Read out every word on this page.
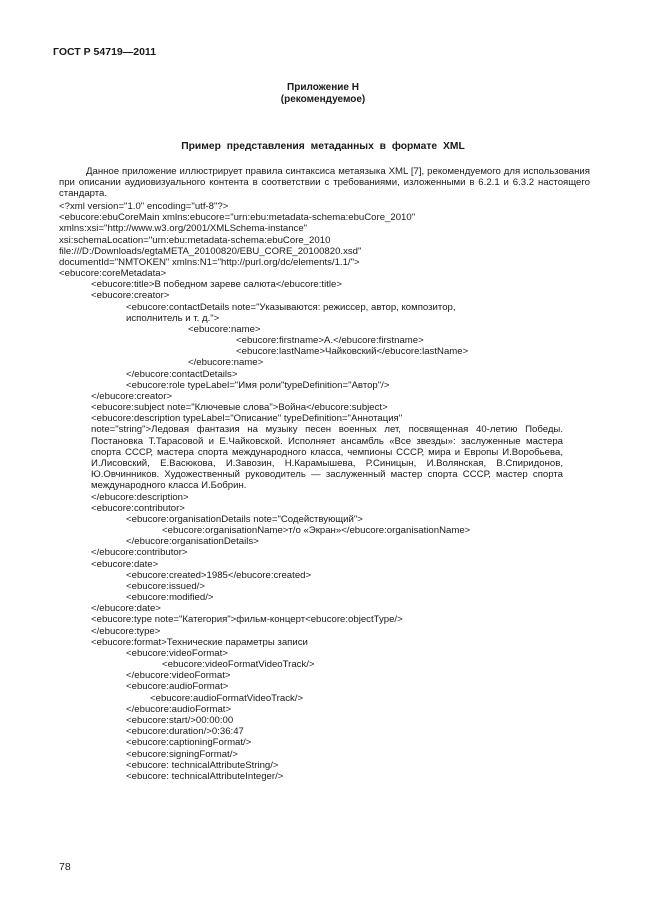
ГОСТ Р 54719—2011
Приложение Н
(рекомендуемое)
Пример представления метаданных в формате XML

Данное приложение иллюстрирует правила синтаксиса метаязыка XML [7], рекомендуемого для использования при описании аудиовизуального контента в соответствии с требованиями, изложенными в 6.2.1 и 6.3.2 настоящего стандарта.

<?xml version="1.0" encoding="utf-8"?>
<ebucore:ebuCoreMain xmlns:ebucore="urn:ebu:metadata-schema:ebuCore_2010"
xmlns:xsi="http://www.w3.org/2001/XMLSchema-instance"
xsi:schemaLocation="urn:ebu:metadata-schema:ebuCore_2010
file:///D:/Downloads/egtaMETA_20100820/EBU_CORE_20100820.xsd"
documentId="NMTOKEN" xmlns:N1="http://purl.org/dc/elements/1.1/">
<ebucore:coreMetadata>
<ebucore:title>В победном зареве салюта</ebucore:title>
<ebucore:creator>
<ebucore:contactDetails note="Указываются: режиссер, автор, композитор,
исполнитель и т. д.">
<ebucore:name>
<ebucore:firstname>А.</ebucore:firstname>
<ebucore:lastName>Чайковский</ebucore:lastName>
</ebucore:name>
</ebucore:contactDetails>
<ebucore:role typeLabel="Имя роли"typeDefinition="Автор"/>
</ebucore:creator>
<ebucore:subject note="Ключевые слова">Война</ebucore:subject>
<ebucore:description typeLabel="Описание" typeDefinition="Аннотация"
note="string">Ледовая фантазия на музыку песен военных лет, посвященная 40-летию Победы. Постановка Т.Тарасовой и Е.Чайковской. Исполняет ансамбль «Все звезды»: заслуженные мастера спорта СССР, мастера спорта международного класса, чемпионы СССР, мира и Европы И.Воробьева, И.Лисовский, Е.Васюкова, И.Завозин, Н.Карамышева, Р.Синицын, И.Волянская, В.Спиридонов, Ю.Овчинников. Художественный руководитель — заслуженный мастер спорта СССР, мастер спорта международного класса И.Бобрин.
</ebucore:description>
<ebucore:contributor>
<ebucore:organisationDetails note="Содействующий">
<ebucore:organisationName>т/о «Экран»</ebucore:organisationName>
</ebucore:organisationDetails>
</ebucore:contributor>
<ebucore:date>
<ebucore:created>1985</ebucore:created>
<ebucore:issued/>
<ebucore:modified/>
</ebucore:date>
<ebucore:type note="Категория">фильм-концерт<ebucore:objectType/>
</ebucore:type>
<ebucore:format>Технические параметры записи
<ebucore:videoFormat>
<ebucore:videoFormatVideoTrack/>
</ebucore:videoFormat>
<ebucore:audioFormat>
<ebucore:audioFormatVideoTrack/>
</ebucore:audioFormat>
<ebucore:start/>00:00:00
<ebucore:duration/>0:36:47
<ebucore:captioningFormat/>
<ebucore:signingFormat/>
<ebucore: technicalAttributeString/>
<ebucore: technicalAttributeInteger/>
78
